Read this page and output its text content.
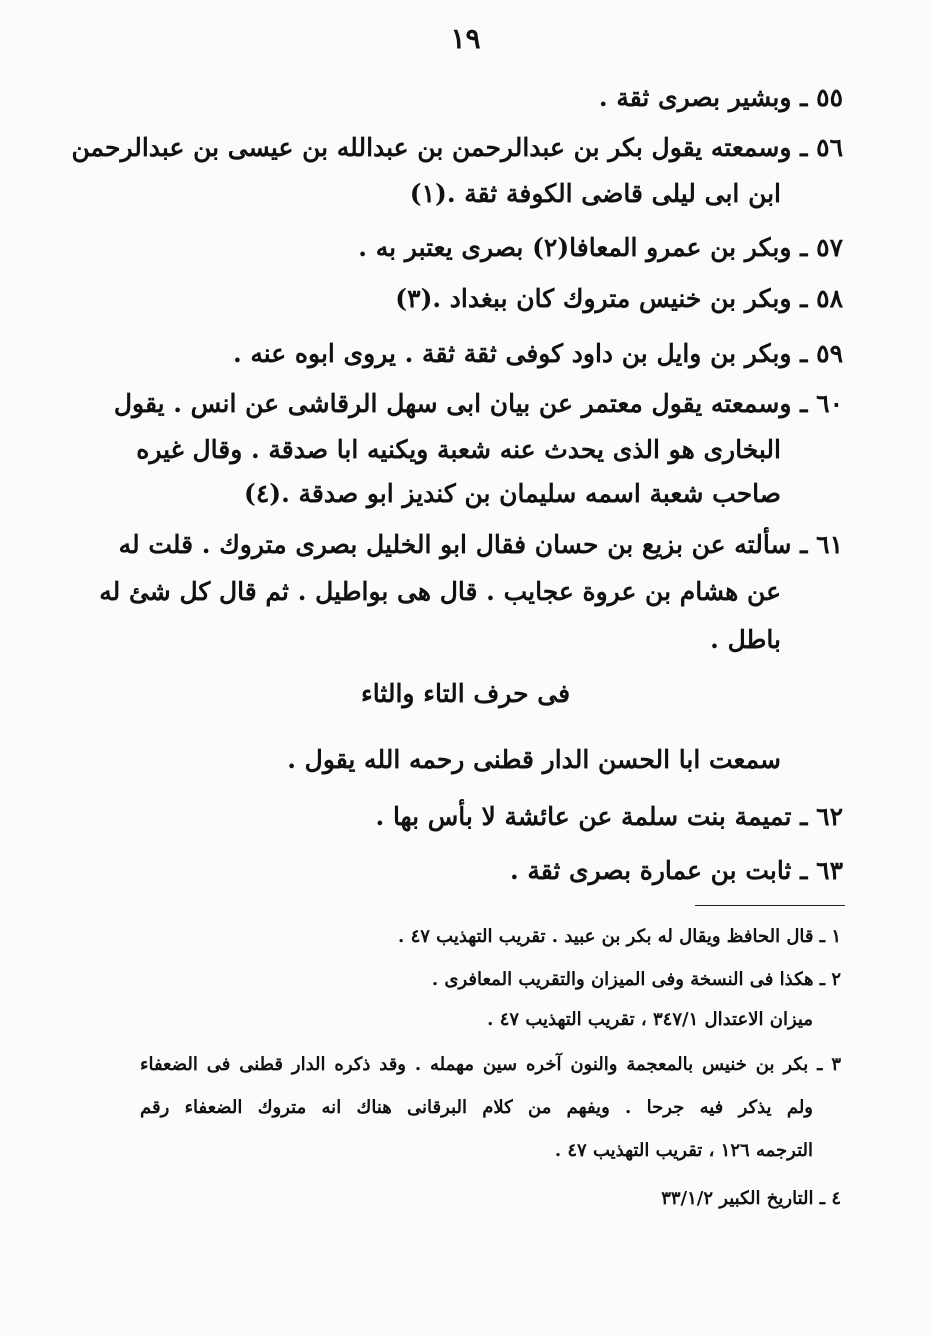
١٩
٥٥ ـ وبشير بصرى ثقة .
٥٦ ـ وسمعته يقول بكر بن عبدالرحمن بن عبدالله بن عيسى بن عبدالرحمن
ابن ابى ليلى قاضى الكوفة ثقة .(١)
٥٧ ـ وبكر بن عمرو المعافا(٢) بصرى يعتبر به .
٥٨ ـ وبكر بن خنيس متروك كان ببغداد .(٣)
٥٩ ـ وبكر بن وايل بن داود كوفى ثقة ثقة . يروى ابوه عنه .
٦٠ ـ وسمعته يقول معتمر عن بيان ابى سهل الرقاشى عن انس . يقول
البخارى هو الذى يحدث عنه شعبة ويكنيه ابا صدقة . وقال غيره
صاحب شعبة اسمه سليمان بن كنديز ابو صدقة .(٤)
٦١ ـ سألته عن بزيع بن حسان فقال ابو الخليل بصرى متروك . قلت له
عن هشام بن عروة عجايب . قال هى بواطيل . ثم قال كل شئ له
باطل .
فى حرف التاء والثاء
سمعت ابا الحسن الدار قطنى رحمه الله يقول .
٦٢ ـ تميمة بنت سلمة عن عائشة لا بأس بها .
٦٣ ـ ثابت بن عمارة بصرى ثقة .
١ ـ قال الحافظ ويقال له بكر بن عبيد . تقريب التهذيب ٤٧ .
٢ ـ هكذا فى النسخة وفى الميزان والتقريب المعافرى .
ميزان الاعتدال ٣٤٧/١ ، تقريب التهذيب ٤٧ .
٣ ـ بكر بن خنيس بالمعجمة والنون آخره سين مهمله . وقد ذكره الدار قطنى فى الضعفاء
ولم يذكر فيه جرحا . ويفهم من كلام البرقانى هناك انه متروك الضعفاء رقم
الترجمه ١٢٦ ، تقريب التهذيب ٤٧ .
٤ ـ التاريخ الكبير ٣٣/١/٢
